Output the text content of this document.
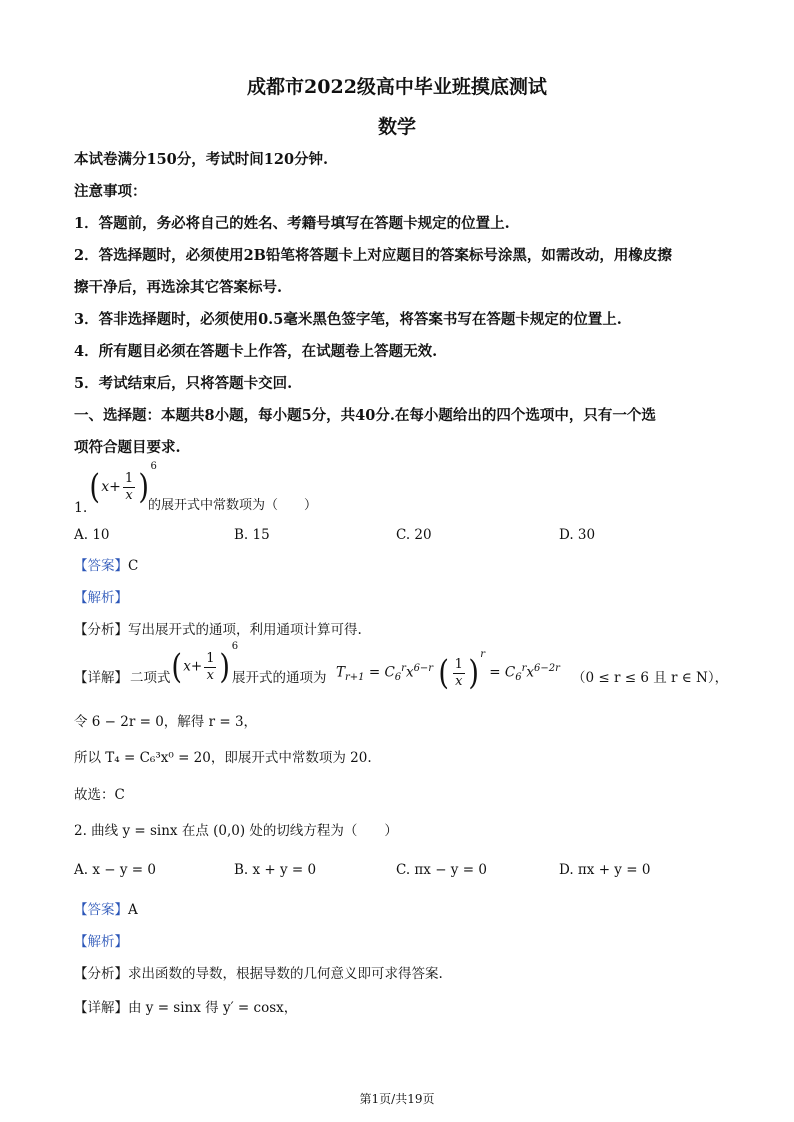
成都市2022级高中毕业班摸底测试
数学
本试卷满分150分，考试时间120分钟.
注意事项：
1．答题前，务必将自己的姓名、考籍号填写在答题卡规定的位置上.
2．答选择题时，必须使用2B铅笔将答题卡上对应题目的答案标号涂黑，如需改动，用橡皮擦
擦干净后，再选涂其它答案标号.
3．答非选择题时，必须使用0.5毫米黑色签字笔，将答案书写在答题卡规定的位置上.
4．所有题目必须在答题卡上作答，在试题卷上答题无效.
5．考试结束后，只将答题卡交回.
一、选择题：本题共8小题，每小题5分，共40分.在每小题给出的四个选项中，只有一个选
项符合题目要求.
1.
$(x+ \frac{1}{x} )^6$
的展开式中常数项为（　　）
A. 10	B. 15	C. 20	D. 30
【答案】C
【解析】
【分析】写出展开式的通项，利用通项计算可得.
【详解】 二项式 $(x+ \frac{1}{x} )^6$
展开式的通项为 $T_{r+1} = C_6^rx^{6-r}$ ( $\frac{1}{x} )^r = C_6^rx^{6-2r}$
（0 ≤ r ≤ 6 且 r ∈ N），
令 6 − 2r = 0，解得 r = 3，
所以 T₄ = C₆³x⁰ = 20，即展开式中常数项为 20.
故选：C
2. 曲线 y = sinx 在点 (0,0) 处的切线方程为（　　）
A. x − y = 0	B. x + y = 0	C. πx − y = 0	D. πx + y = 0
【答案】A
【解析】
【分析】求出函数的导数，根据导数的几何意义即可求得答案.
【详解】由 y = sinx 得 y′ = cosx，
第1页/共19页
